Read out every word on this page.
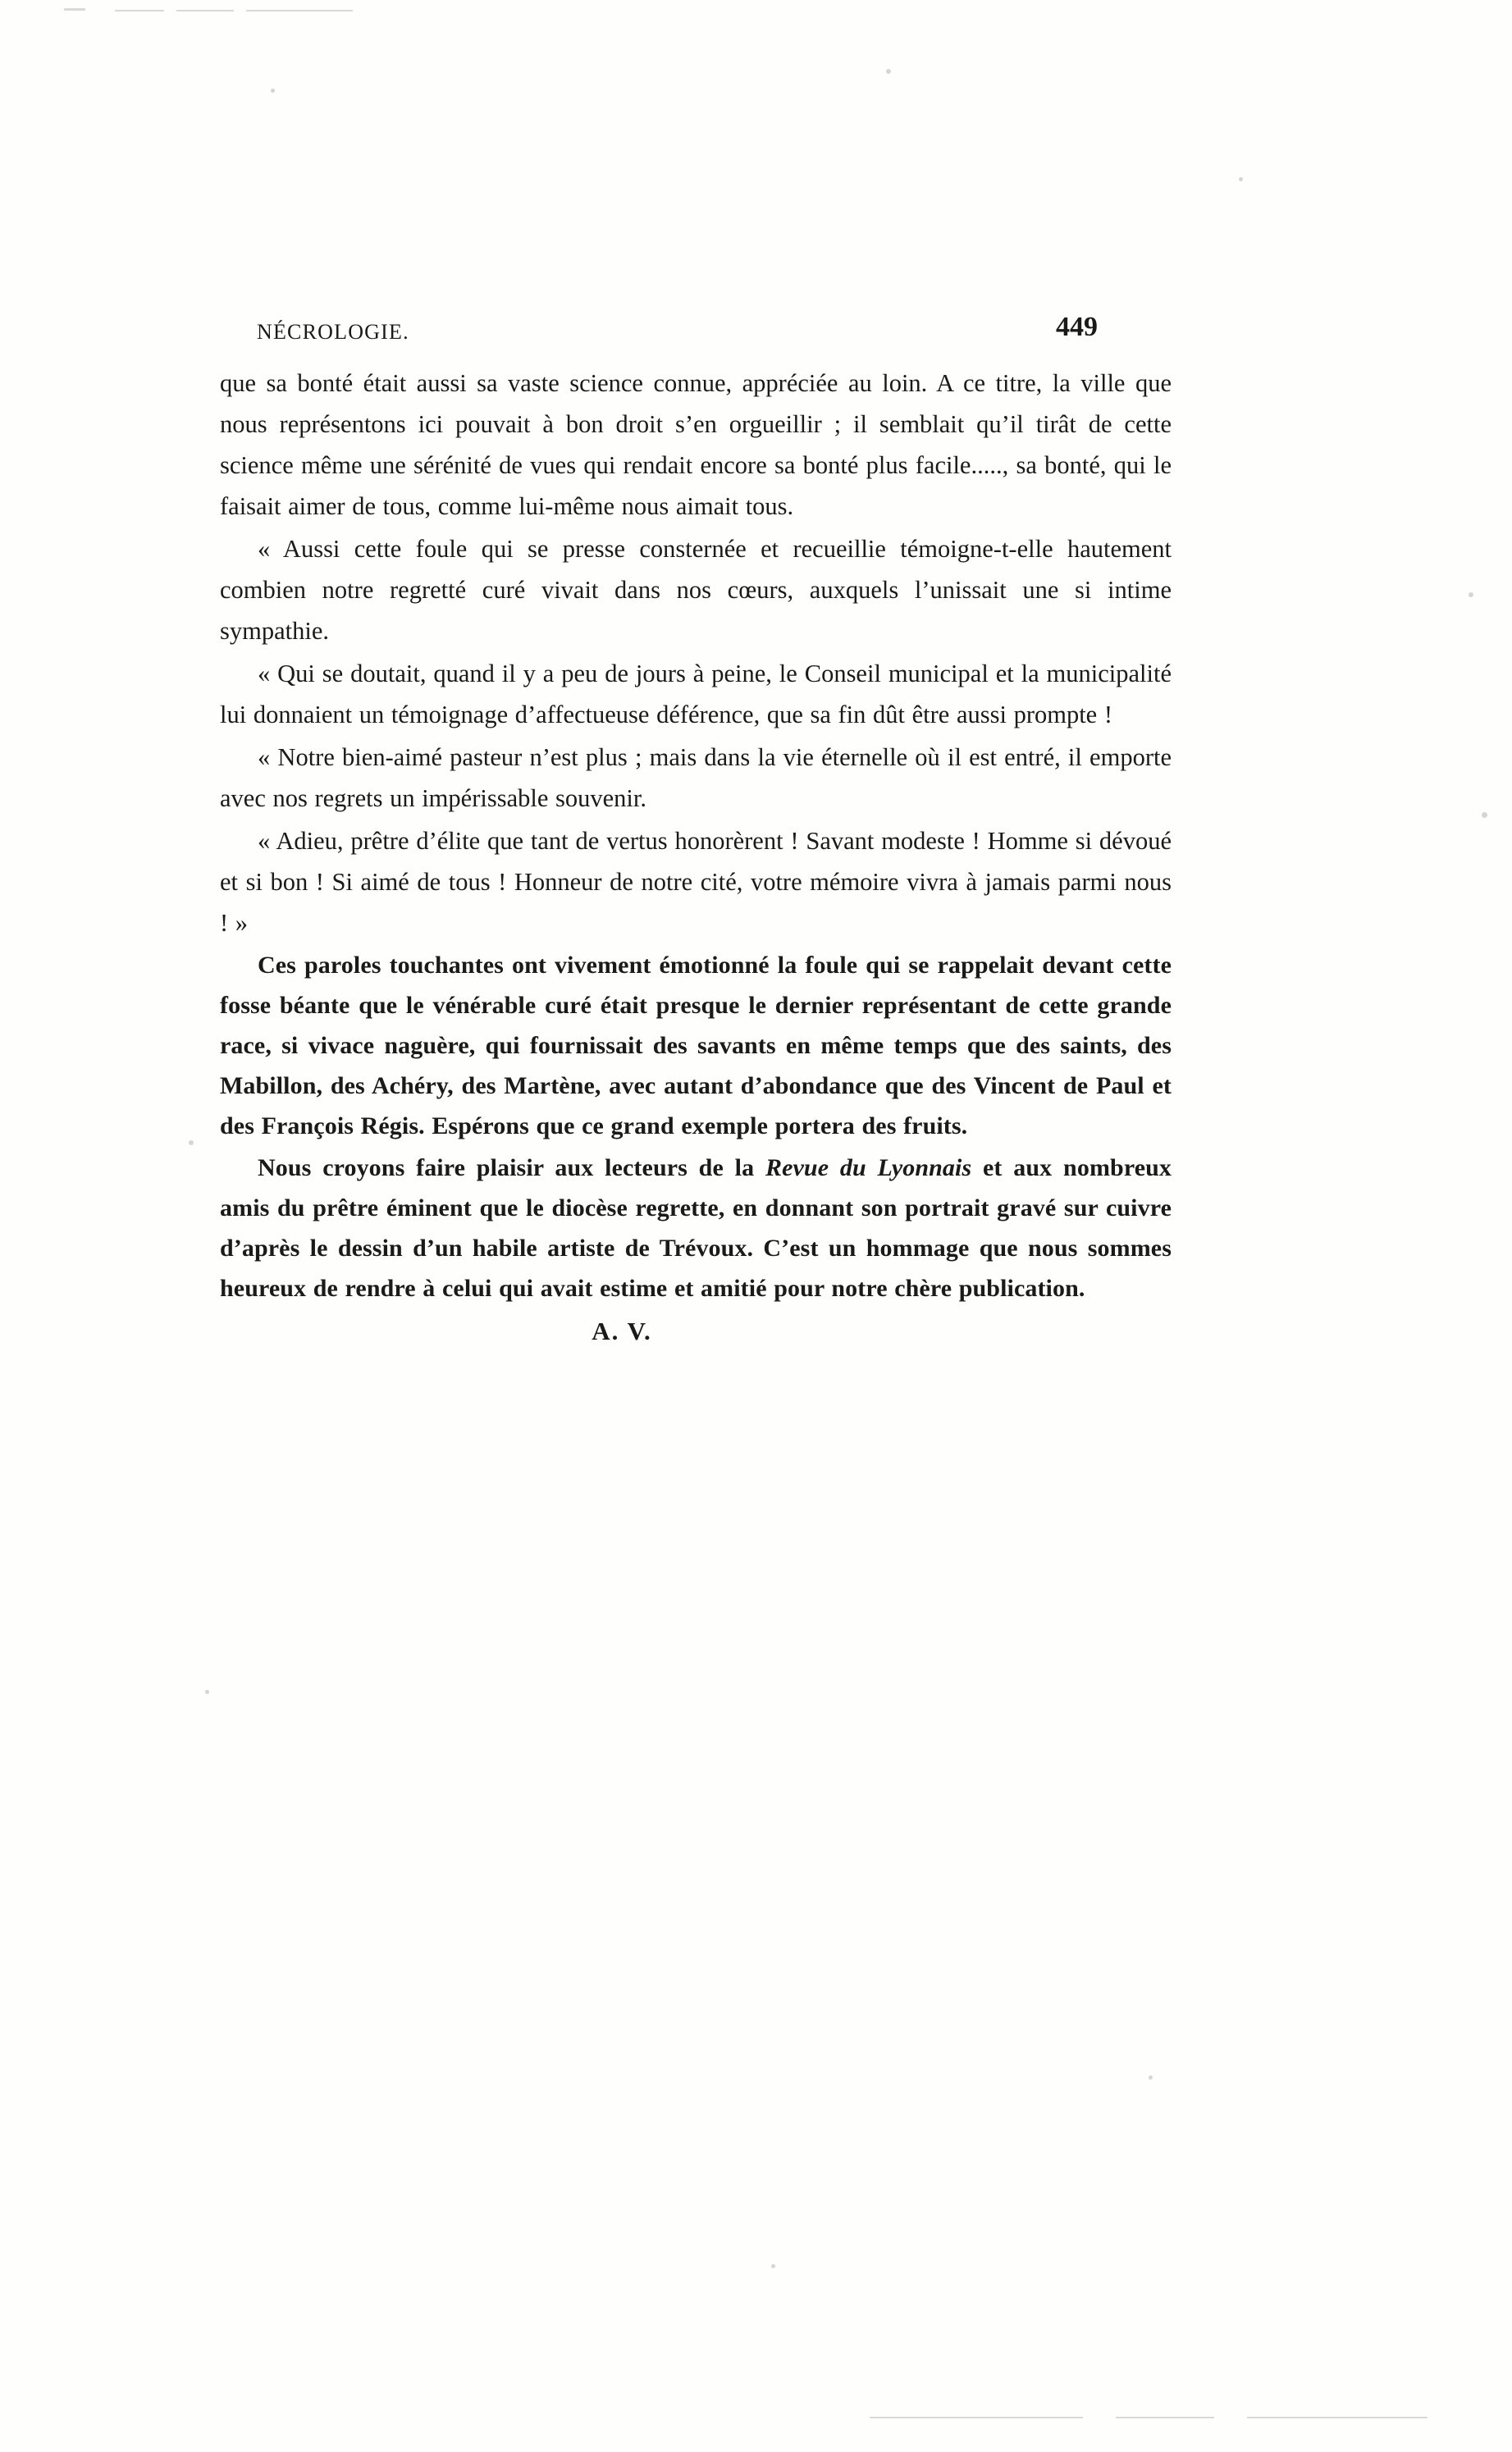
NÉCROLOGIE.	449

que sa bonté était aussi sa vaste science connue, appréciée au loin. A ce titre, la ville que nous représentons ici pouvait à bon droit s’en orgueillir ; il semblait qu’il tirât de cette science même une sérénité de vues qui rendait encore sa bonté plus facile....., sa bonté, qui le faisait aimer de tous, comme lui-même nous aimait tous.

« Aussi cette foule qui se presse consternée et recueillie témoigne-t-elle hautement combien notre regretté curé vivait dans nos cœurs, auxquels l’unissait une si intime sympathie.

« Qui se doutait, quand il y a peu de jours à peine, le Conseil municipal et la municipalité lui donnaient un témoignage d’affectueuse déférence, que sa fin dût être aussi prompte !

« Notre bien-aimé pasteur n’est plus ; mais dans la vie éternelle où il est entré, il emporte avec nos regrets un impérissable souvenir.

« Adieu, prêtre d’élite que tant de vertus honorèrent ! Savant modeste ! Homme si dévoué et si bon ! Si aimé de tous ! Honneur de notre cité, votre mémoire vivra à jamais parmi nous ! »

Ces paroles touchantes ont vivement émotionné la foule qui se rappelait devant cette fosse béante que le vénérable curé était presque le dernier représentant de cette grande race, si vivace naguère, qui fournissait des savants en même temps que des saints, des Mabillon, des Achéry, des Martène, avec autant d’abondance que des Vincent de Paul et des François Régis. Espérons que ce grand exemple portera des fruits.

Nous croyons faire plaisir aux lecteurs de la Revue du Lyonnais et aux nombreux amis du prêtre éminent que le diocèse regrette, en donnant son portrait gravé sur cuivre d’après le dessin d’un habile artiste de Trévoux. C’est un hommage que nous sommes heureux de rendre à celui qui avait estime et amitié pour notre chère publication.

A. V.
